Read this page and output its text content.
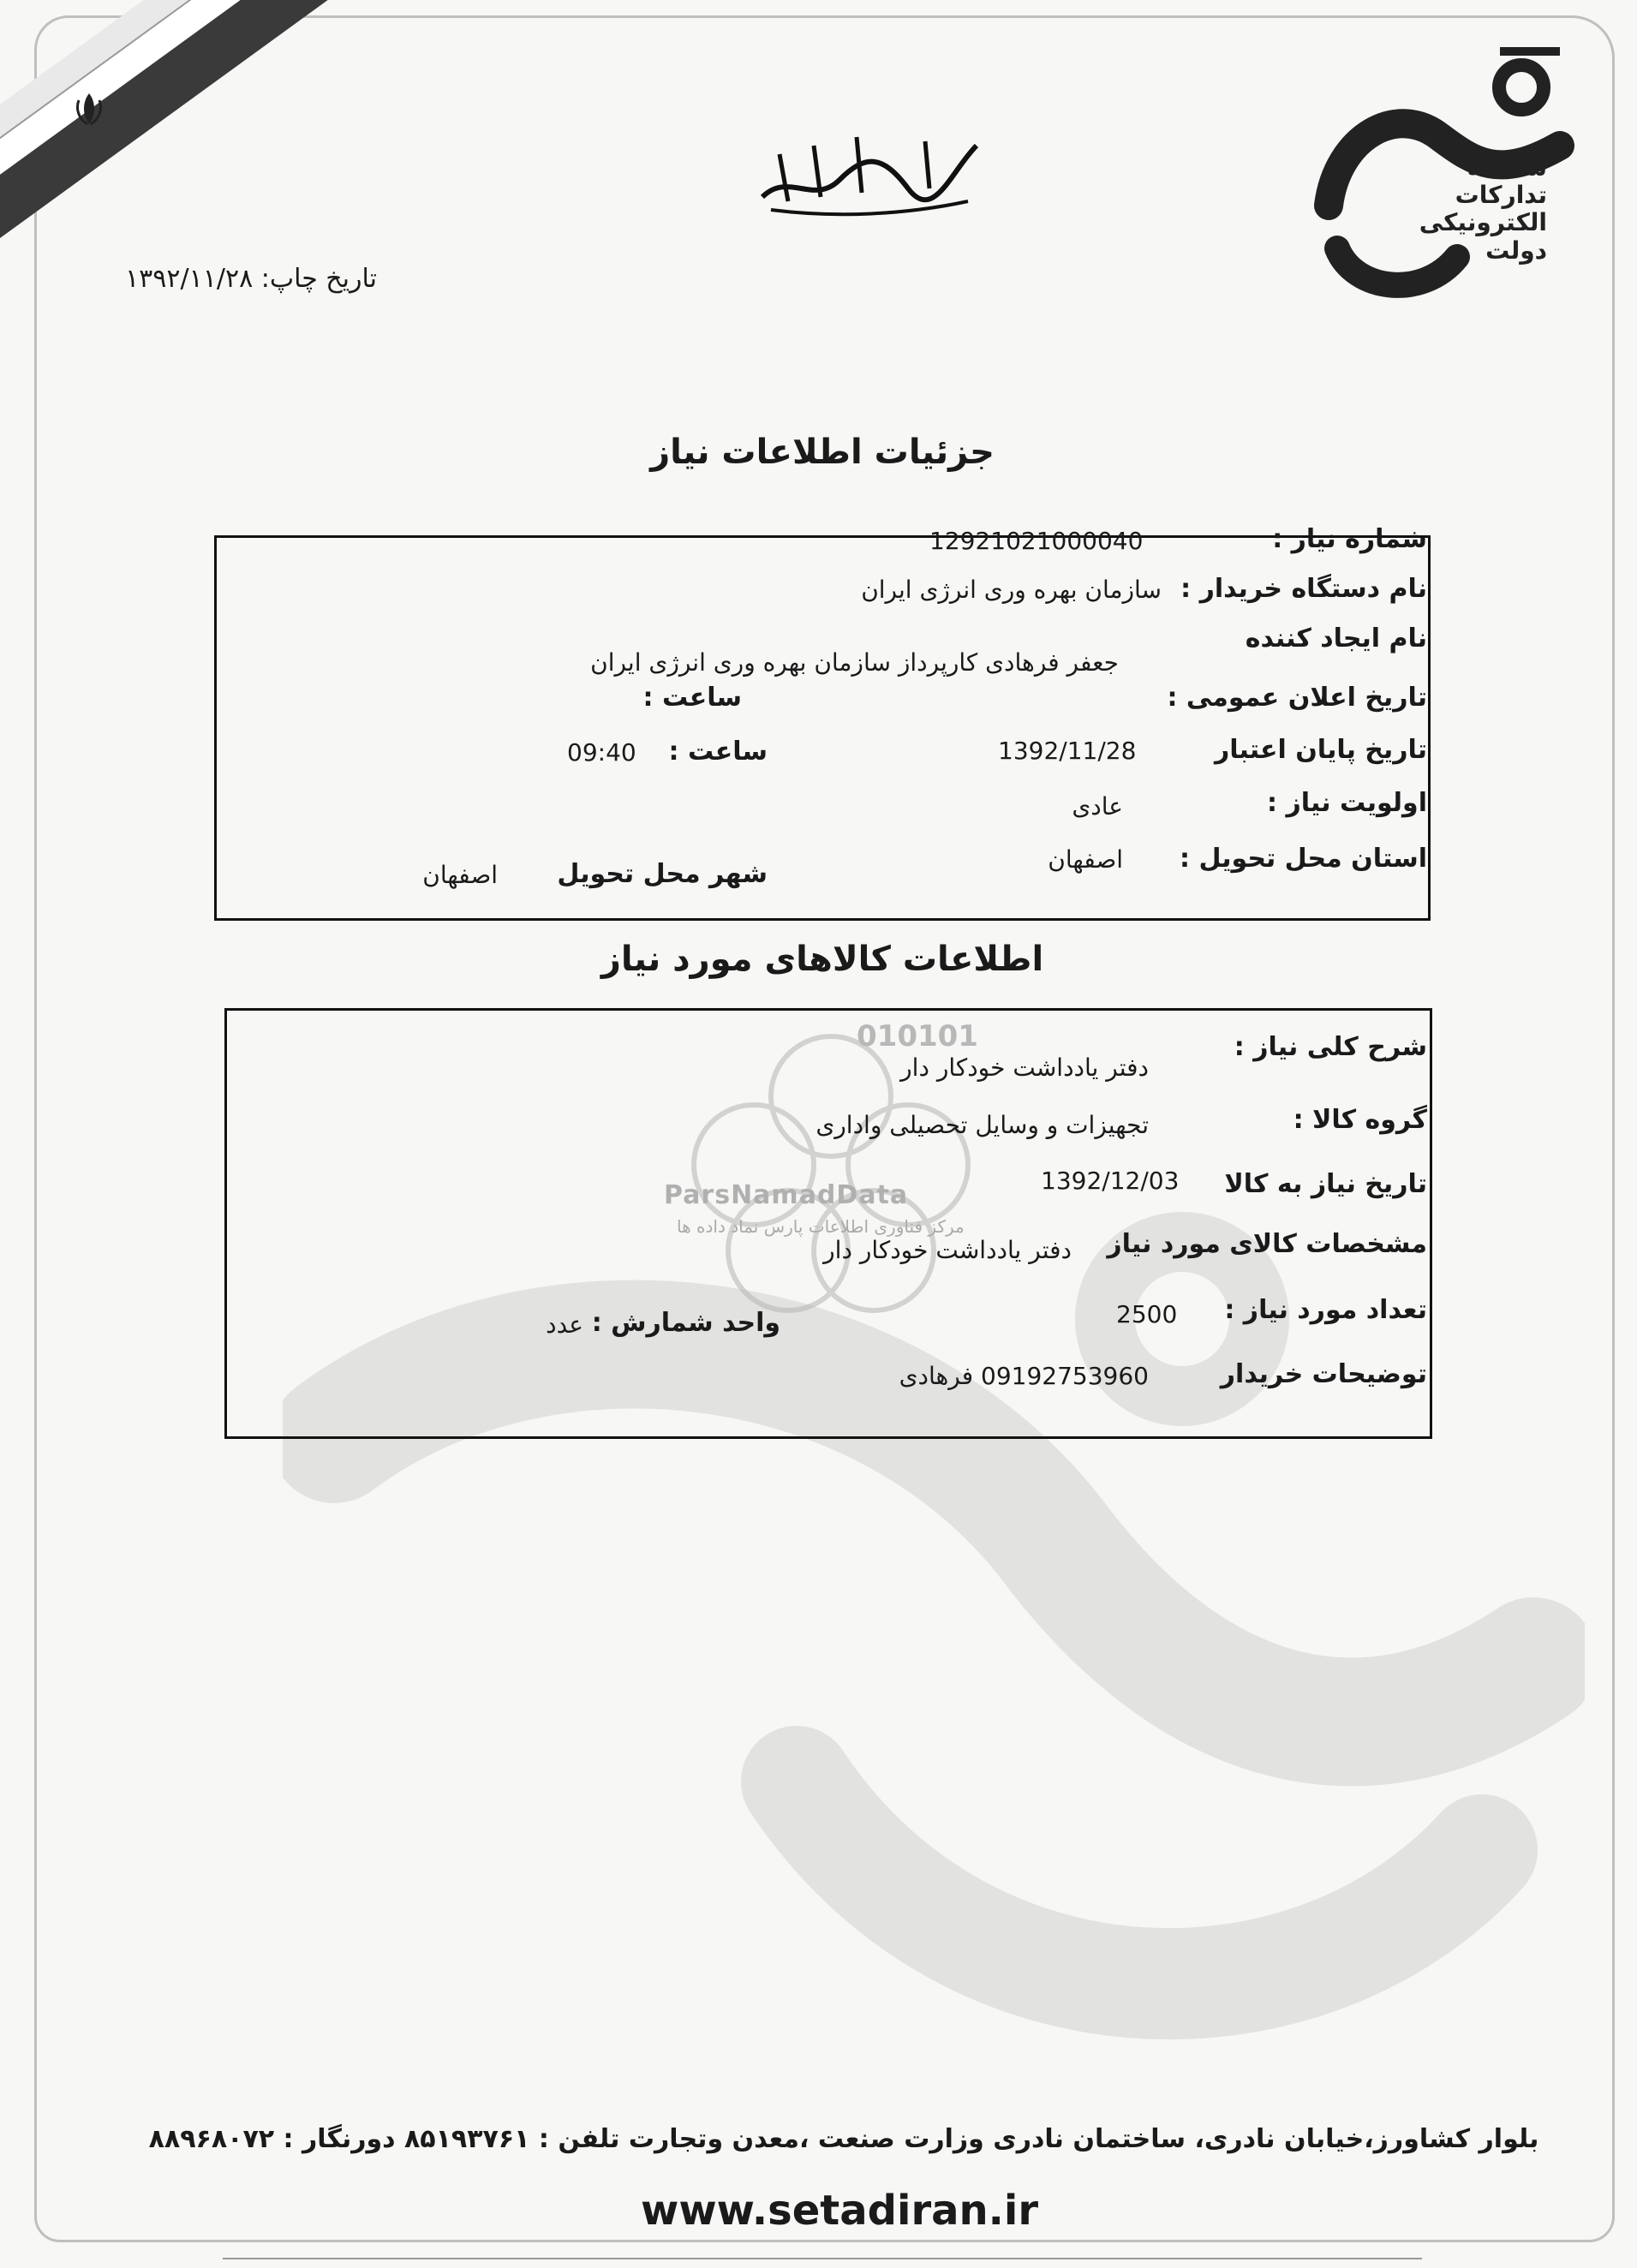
سامانه
تدارکات
الکترونیکی
دولت
تاریخ چاپ: ۱۳۹۲/۱۱/۲۸
جزئیات اطلاعات نیاز
شماره نیاز :
12921021000040
نام دستگاه خریدار :
سازمان بهره وری انرژی ایران
نام ایجاد کننده
جعفر فرهادی کارپرداز سازمان بهره وری انرژی ایران
تاریخ اعلان عمومی :
ساعت :
تاریخ پایان اعتبار
1392/11/28
ساعت :
09:40
اولویت نیاز :
عادی
استان محل تحویل :
اصفهان
شهر محل تحویل
اصفهان
اطلاعات کالاهای مورد نیاز
010101
ParsNamadData
مرکز فناوری اطلاعات پارس نماد داده ها
شرح کلی نیاز :
دفتر یادداشت خودکار دار
گروه کالا :
تجهیزات و وسایل تحصیلی واداری
تاریخ نیاز به کالا
1392/12/03
مشخصات کالای مورد نیاز
دفتر یادداشت خودکار دار
تعداد مورد نیاز :
2500
واحد شمارش :
عدد
توضیحات خریدار
09192753960 فرهادی
بلوار کشاورز،خیابان نادری، ساختمان نادری وزارت صنعت ،معدن وتجارت تلفن : ۸۵۱۹۳۷۶۱ دورنگار : ۸۸۹۶۸۰۷۲
www.setadiran.ir
